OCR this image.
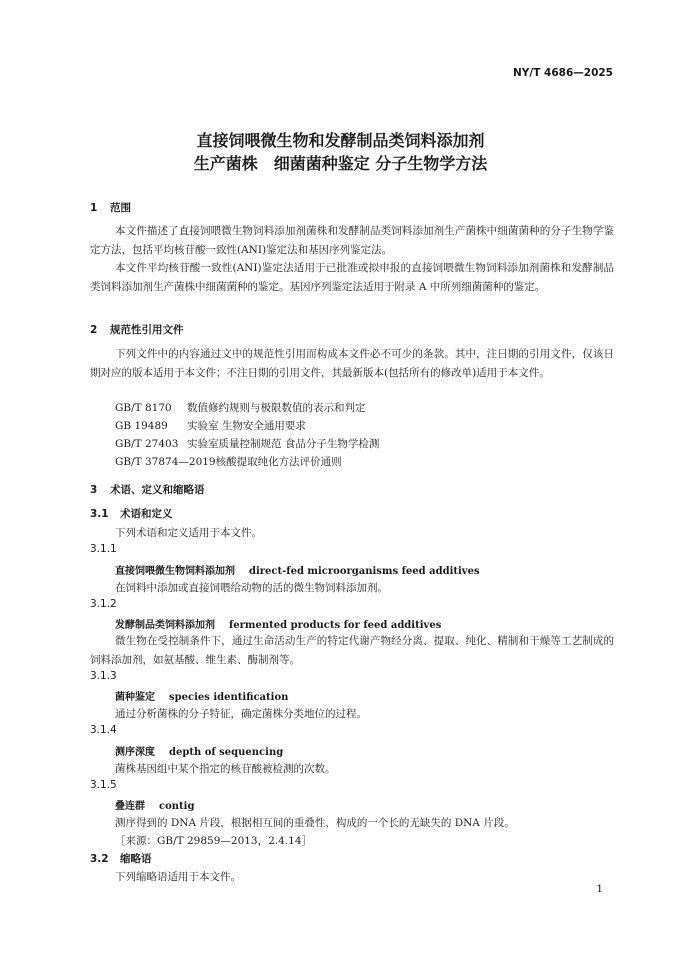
NY/T 4686—2025
直接饲喂微生物和发酵制品类饲料添加剂
生产菌株　细菌菌种鉴定 分子生物学方法
1 范围
本文件描述了直接饲喂微生物饲料添加剂菌株和发酵制品类饲料添加剂生产菌株中细菌菌种的分子生物学鉴定方法，包括平均核苷酸一致性(ANI)鉴定法和基因序列鉴定法。
本文件平均核苷酸一致性(ANI)鉴定法适用于已批准或拟申报的直接饲喂微生物饲料添加剂菌株和发酵制品类饲料添加剂生产菌株中细菌菌种的鉴定。基因序列鉴定法适用于附录 A 中所列细菌菌种的鉴定。
2 规范性引用文件
下列文件中的内容通过文中的规范性引用而构成本文件必不可少的条款。其中，注日期的引用文件，仅该日期对应的版本适用于本文件；不注日期的引用文件，其最新版本(包括所有的修改单)适用于本文件。
GB/T 8170 数值修约规则与极限数值的表示和判定
GB 19489 实验室 生物安全通用要求
GB/T 27403 实验室质量控制规范 食品分子生物学检测
GB/T 37874—2019核酸提取纯化方法评价通则
3 术语、定义和缩略语
3.1 术语和定义
下列术语和定义适用于本文件。
3.1.1
直接饲喂微生物饲料添加剂 direct-fed microorganisms feed additives
在饲料中添加或直接饲喂给动物的活的微生物饲料添加剂。
3.1.2
发酵制品类饲料添加剂 fermented products for feed additives
微生物在受控制条件下，通过生命活动生产的特定代谢产物经分离、提取、纯化、精制和干燥等工艺制成的饲料添加剂，如氨基酸、维生素、酶制剂等。
3.1.3
菌种鉴定 species identification
通过分析菌株的分子特征，确定菌株分类地位的过程。
3.1.4
测序深度 depth of sequencing
菌株基因组中某个指定的核苷酸被检测的次数。
3.1.5
叠连群 contig
测序得到的 DNA 片段，根据相互间的重叠性，构成的一个长的无缺失的 DNA 片段。
［来源：GB/T 29859—2013，2.4.14］
3.2 缩略语
下列缩略语适用于本文件。
1
